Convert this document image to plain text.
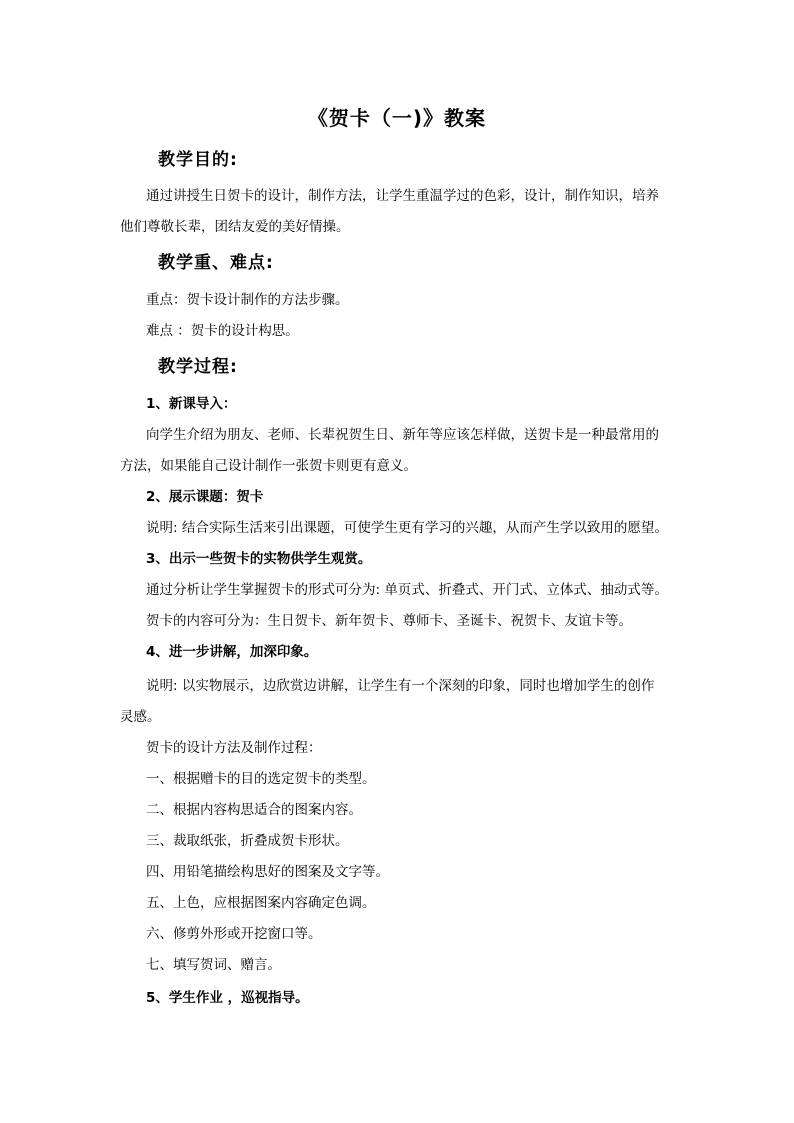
《贺卡（一)》教案
教学目的:
通过讲授生日贺卡的设计，制作方法，让学生重温学过的色彩，设计，制作知识，培养
他们尊敬长辈，团结友爱的美好情操。
教学重、难点:
重点：贺卡设计制作的方法步骤。
难点 ：贺卡的设计构思。
教学过程:
1、新课导入：
向学生介绍为朋友、老师、长辈祝贺生日、新年等应该怎样做，送贺卡是一种最常用的
方法，如果能自己设计制作一张贺卡则更有意义。
2、展示课题：贺卡
说明: 结合实际生活来引出课题，可使学生更有学习的兴趣，从而产生学以致用的愿望。
3、出示一些贺卡的实物供学生观赏。
通过分析让学生掌握贺卡的形式可分为: 单页式、折叠式、开门式、立体式、抽动式等。
贺卡的内容可分为：生日贺卡、新年贺卡、尊师卡、圣诞卡、祝贺卡、友谊卡等。
4、进一步讲解，加深印象。
说明: 以实物展示，边欣赏边讲解，让学生有一个深刻的印象，同时也增加学生的创作
灵感。
贺卡的设计方法及制作过程：
一、根据赠卡的目的选定贺卡的类型。
二、根据内容构思适合的图案内容。
三、裁取纸张，折叠成贺卡形状。
四、用铅笔描绘构思好的图案及文字等。
五、上色，应根据图案内容确定色调。
六、修剪外形或开挖窗口等。
七、填写贺词、赠言。
5、学生作业 ，巡视指导。
